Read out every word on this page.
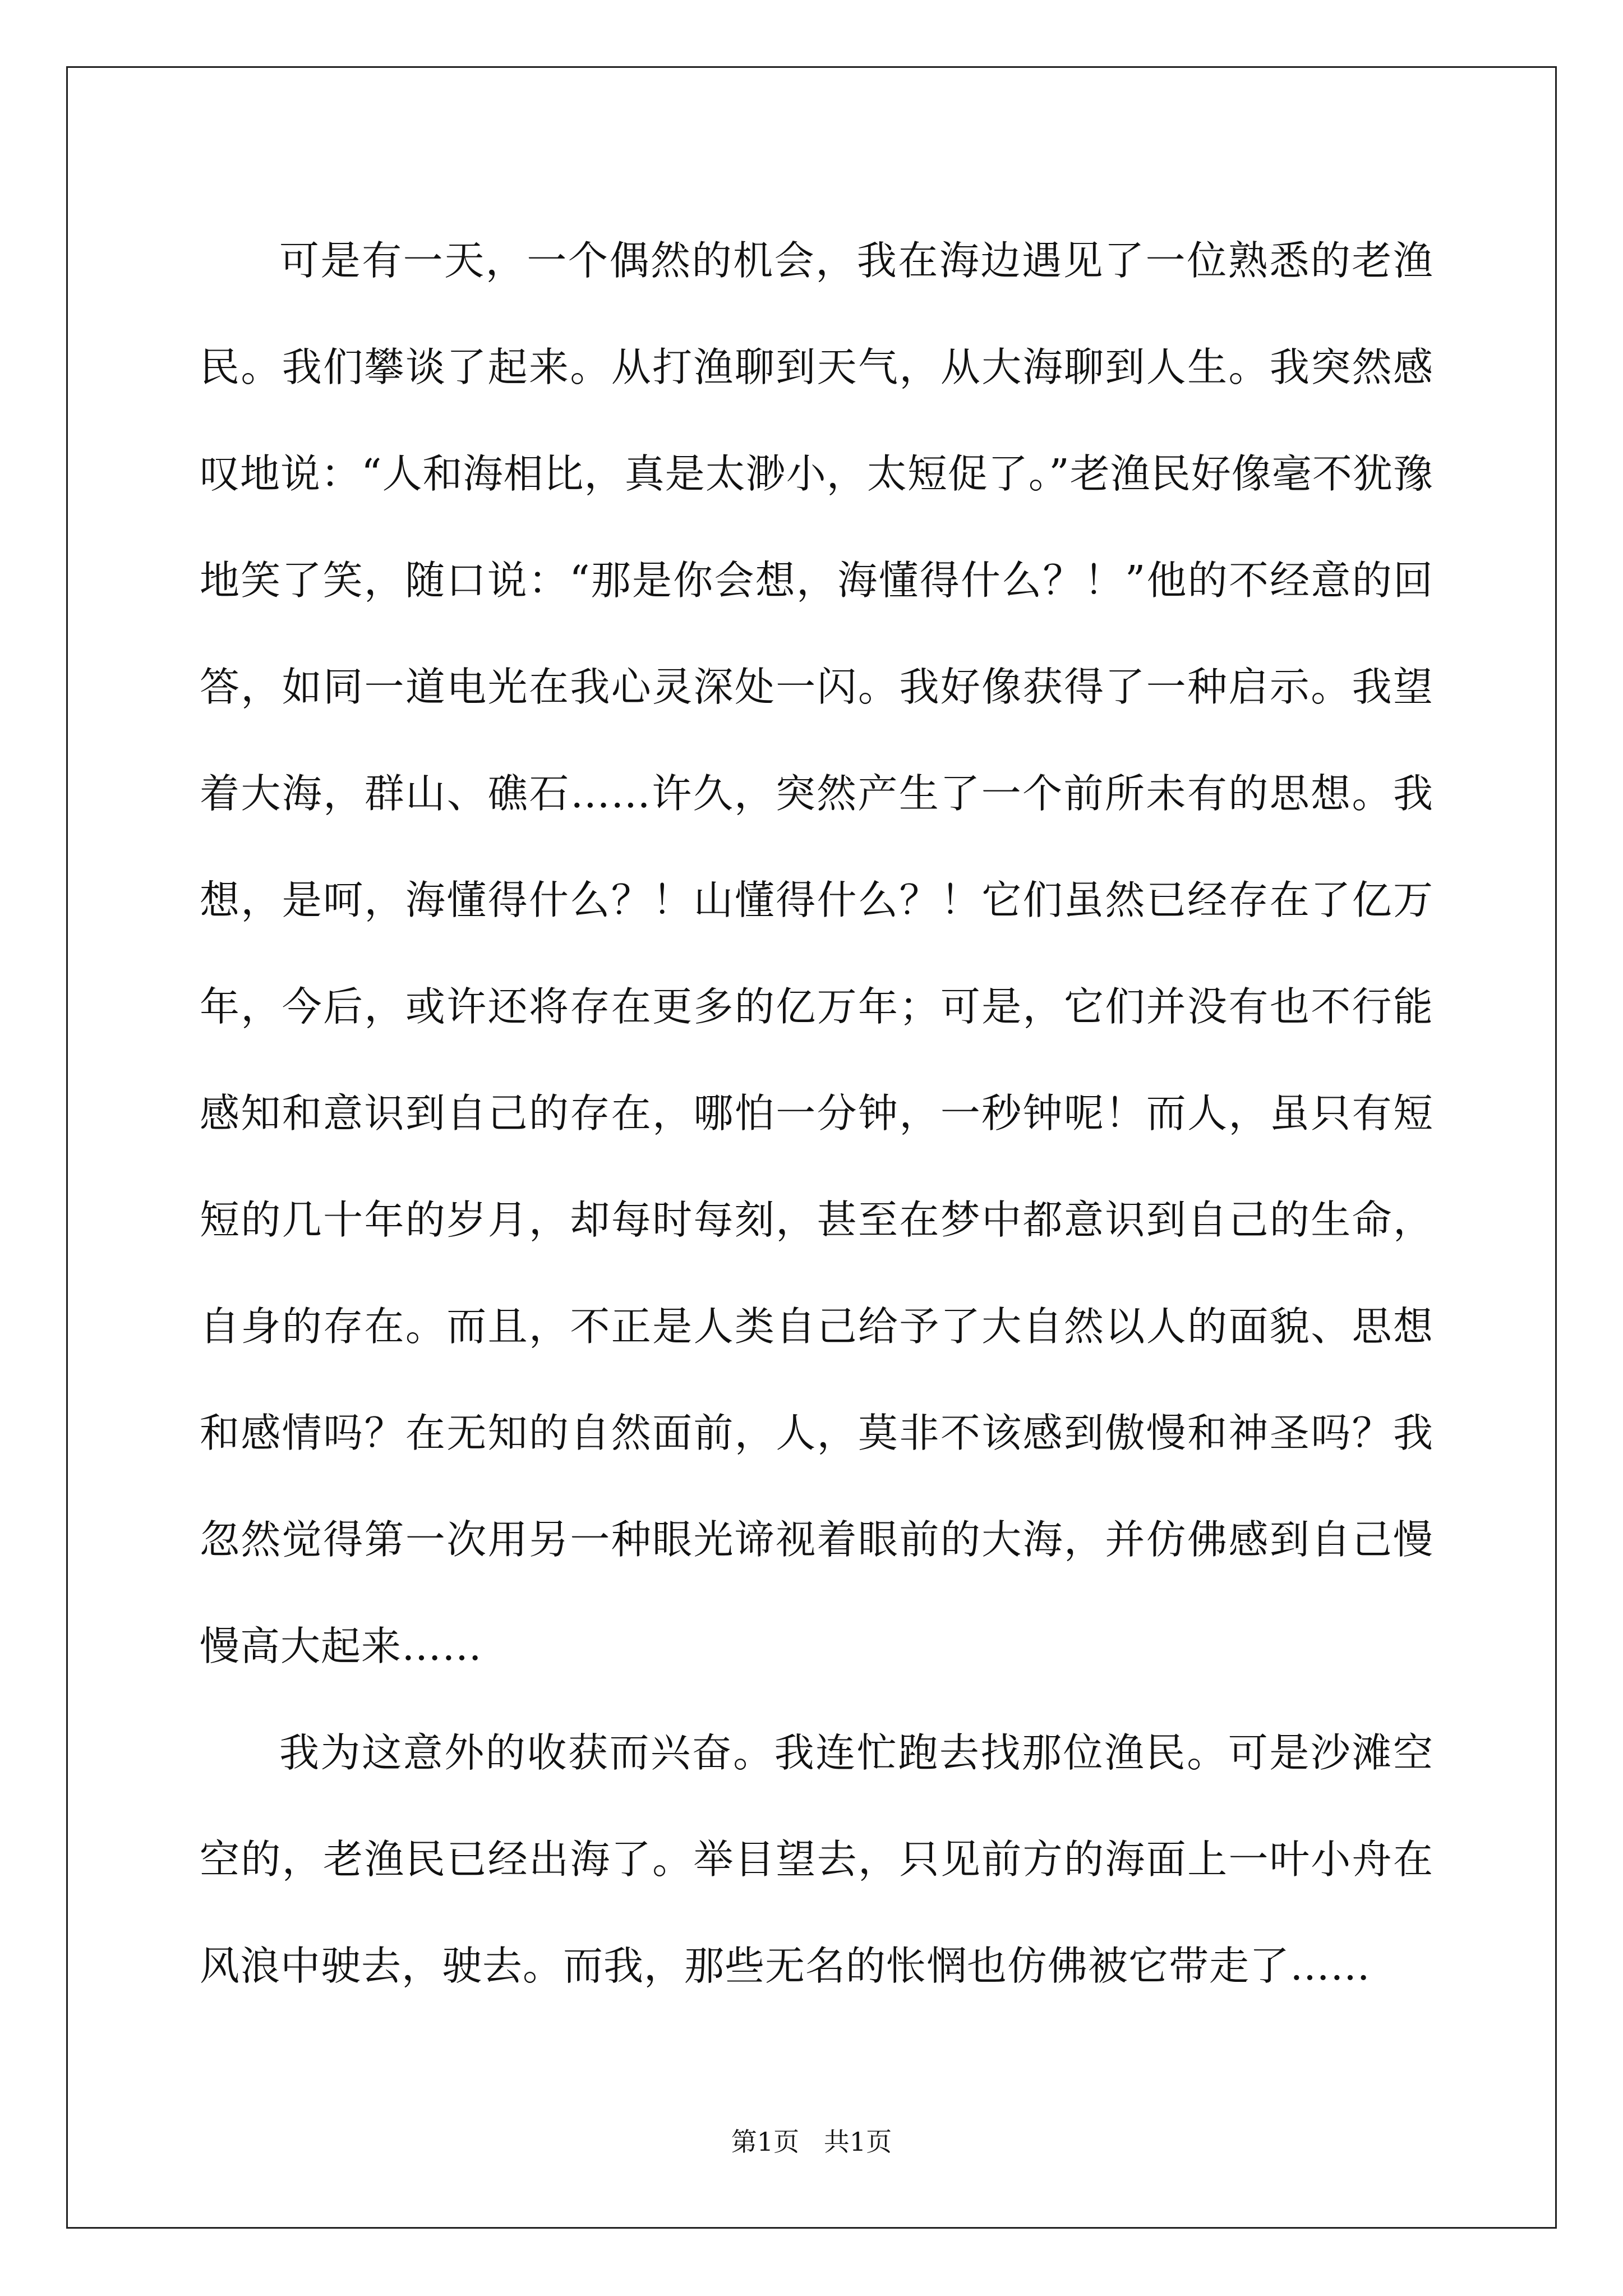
可是有一天，一个偶然的机会，我在海边遇见了一位熟悉的老渔民。我们攀谈了起来。从打渔聊到天气，从大海聊到人生。我突然感叹地说：“人和海相比，真是太渺小，太短促了。”老渔民好像毫不犹豫地笑了笑，随口说：“那是你会想，海懂得什么？！”他的不经意的回答，如同一道电光在我心灵深处一闪。我好像获得了一种启示。我望着大海，群山、礁石……许久，突然产生了一个前所未有的思想。我想，是呵，海懂得什么？！山懂得什么？！它们虽然已经存在了亿万年，今后，或许还将存在更多的亿万年；可是，它们并没有也不行能感知和意识到自己的存在，哪怕一分钟，一秒钟呢！而人，虽只有短短的几十年的岁月，却每时每刻，甚至在梦中都意识到自己的生命，自身的存在。而且，不正是人类自己给予了大自然以人的面貌、思想和感情吗？在无知的自然面前，人，莫非不该感到傲慢和神圣吗？我忽然觉得第一次用另一种眼光谛视着眼前的大海，并仿佛感到自己慢慢高大起来……

我为这意外的收获而兴奋。我连忙跑去找那位渔民。可是沙滩空空的，老渔民已经出海了。举目望去，只见前方的海面上一叶小舟在风浪中驶去，驶去。而我，那些无名的怅惘也仿佛被它带走了……

第1页   共1页
